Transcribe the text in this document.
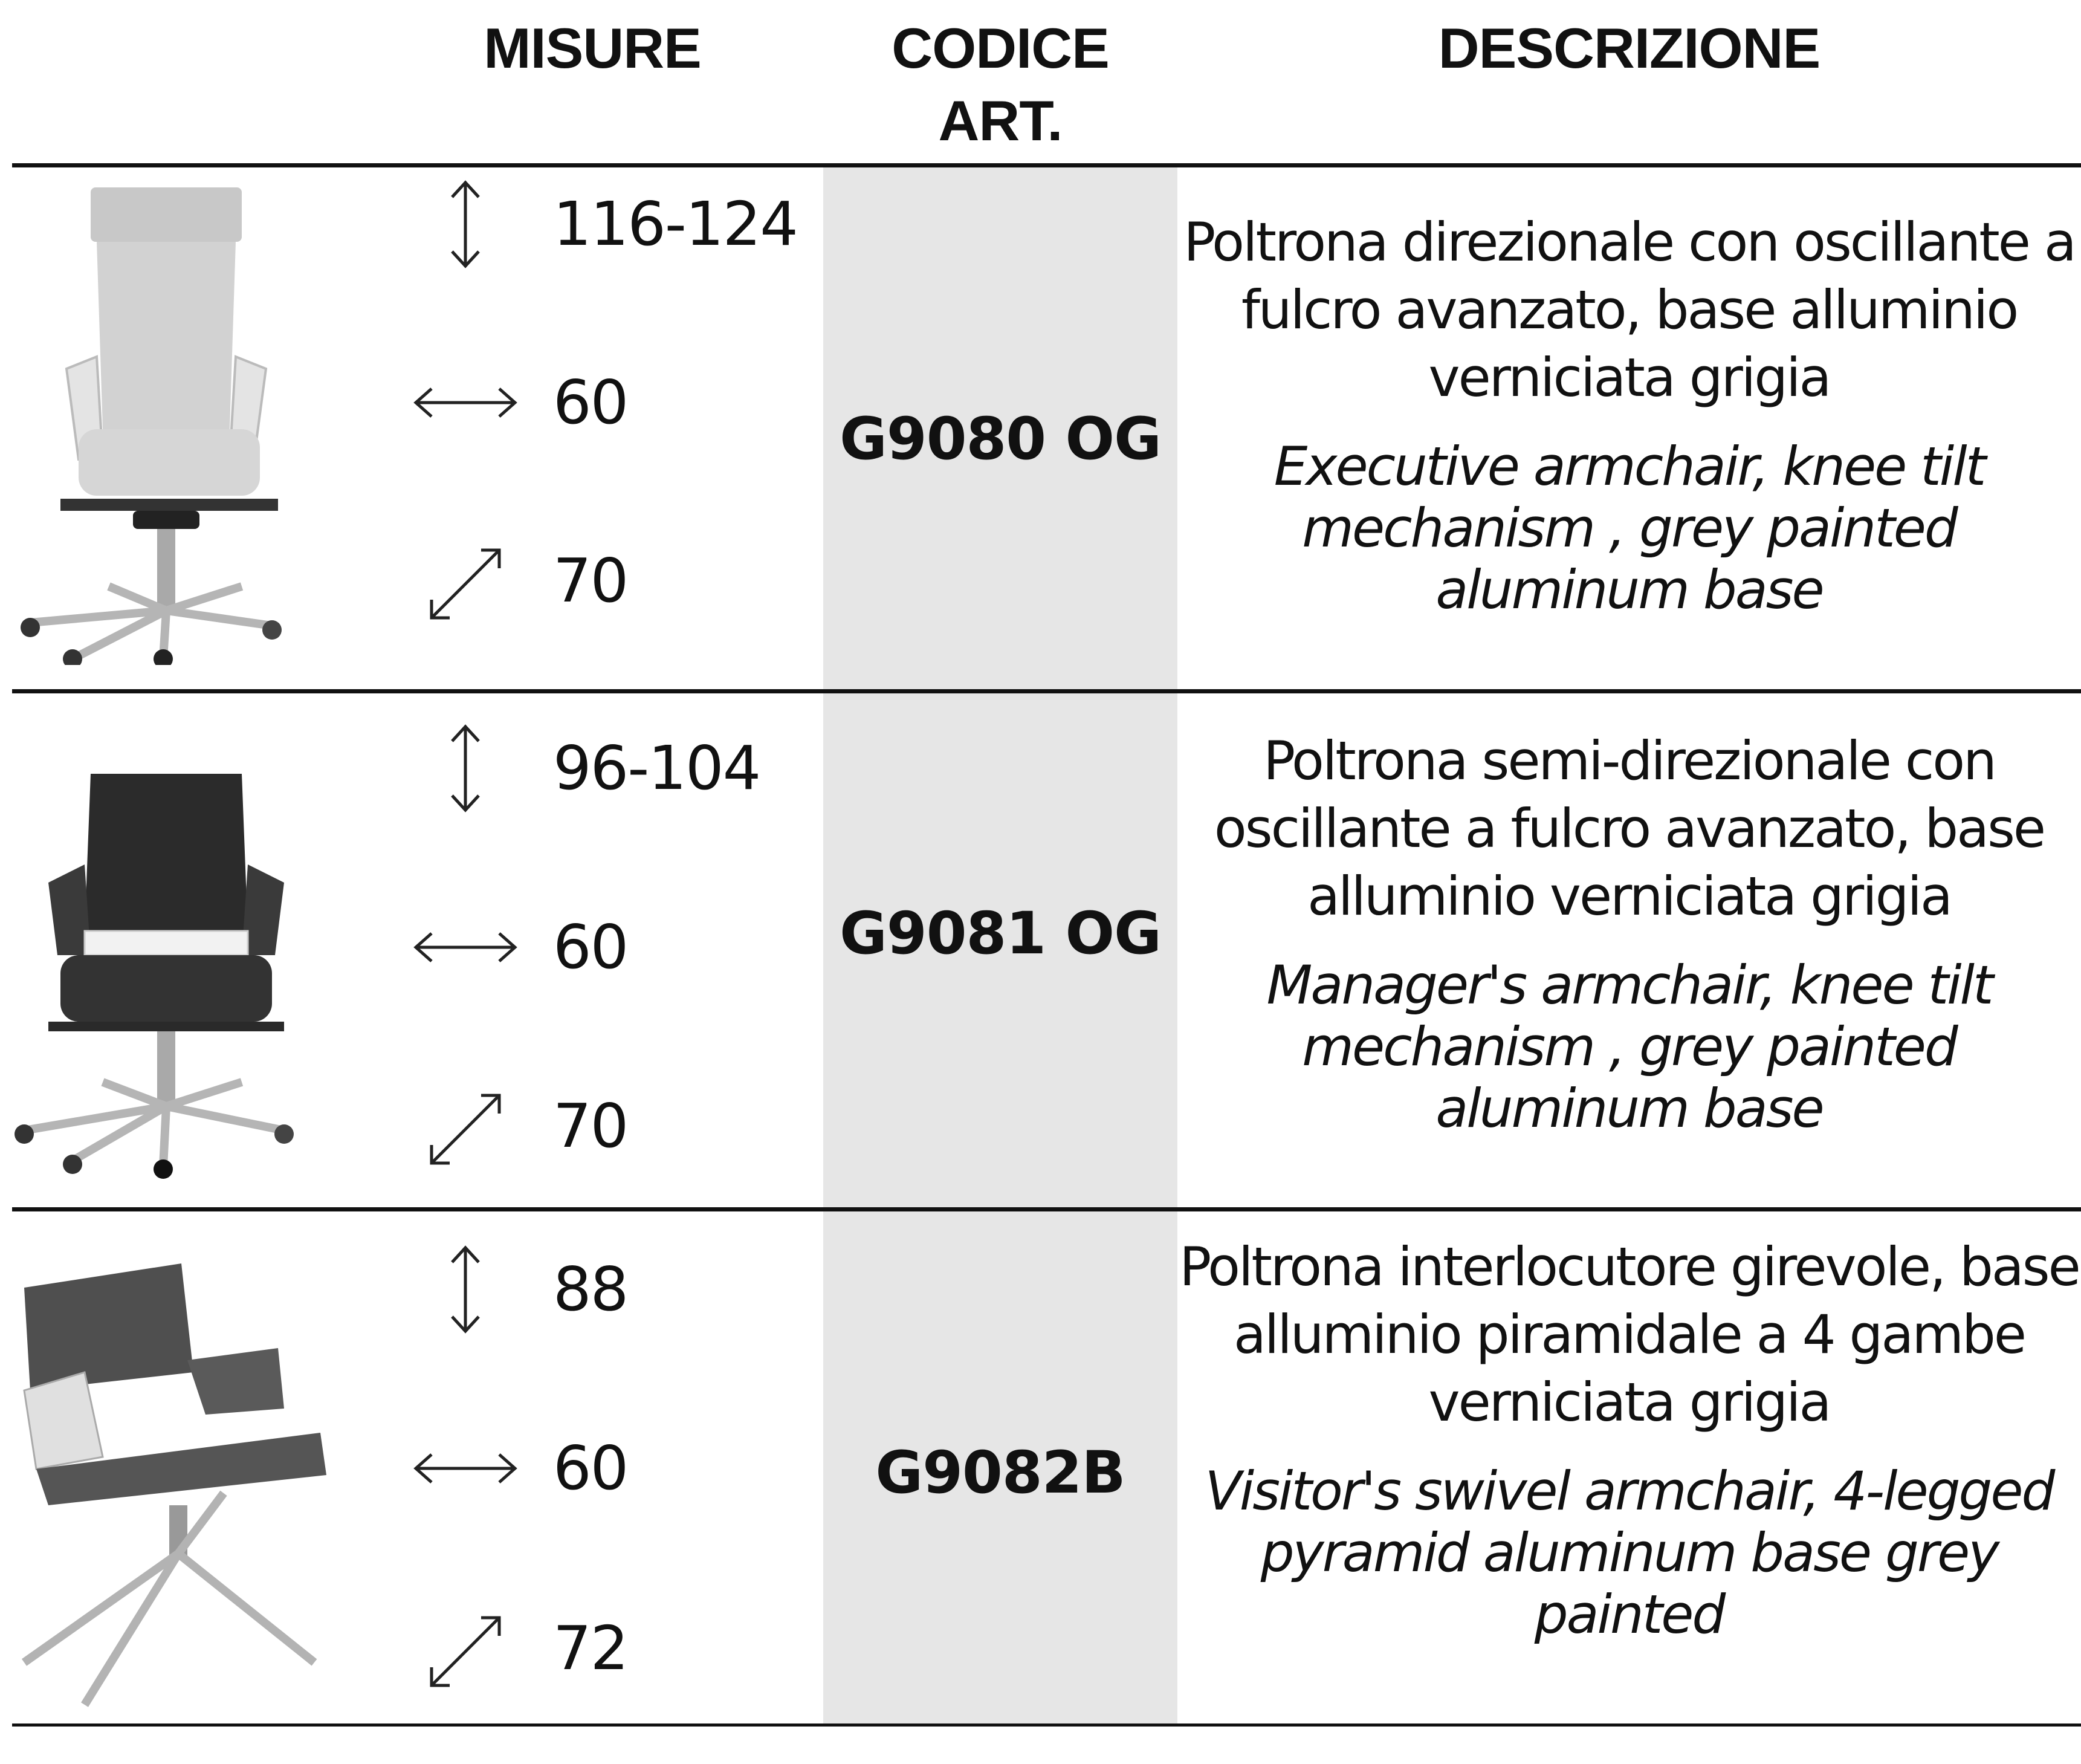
MISURE	CODICE ART.
DESCRIZIONE
116-124
60
70
G9080 OG
Poltrona direzionale con oscillante a fulcro avanzato, base alluminio verniciata grigia
Executive armchair, knee tilt mechanism , grey painted aluminum base
96-104
60
70
G9081 OG
Poltrona semi-direzionale con oscillante a fulcro avanzato, base alluminio verniciata grigia
Manager's armchair, knee tilt mechanism , grey painted aluminum base
88
60
72
G9082B
Poltrona interlocutore girevole, base alluminio piramidale a 4 gambe verniciata grigia
Visitor's swivel armchair, 4-legged pyramid aluminum base grey painted
